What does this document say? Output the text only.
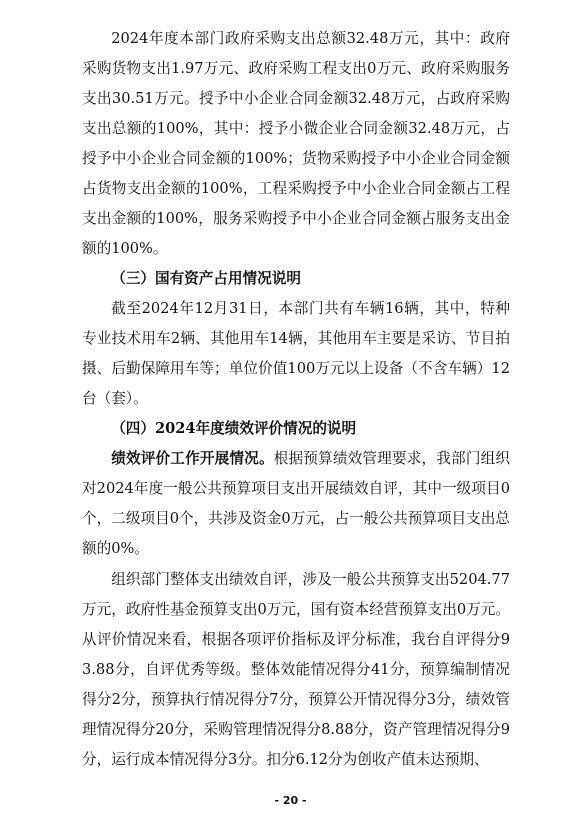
2024年度本部门政府采购支出总额32.48万元，其中：政府采购货物支出1.97万元、政府采购工程支出0万元、政府采购服务支出30.51万元。授予中小企业合同金额32.48万元，占政府采购支出总额的100%，其中：授予小微企业合同金额32.48万元，占授予中小企业合同金额的100%；货物采购授予中小企业合同金额占货物支出金额的100%，工程采购授予中小企业合同金额占工程支出金额的100%，服务采购授予中小企业合同金额占服务支出金额的100%。

（三）国有资产占用情况说明

截至2024年12月31日，本部门共有车辆16辆，其中，特种专业技术用车2辆、其他用车14辆，其他用车主要是采访、节目拍摄、后勤保障用车等；单位价值100万元以上设备（不含车辆）12台（套）。

（四）2024年度绩效评价情况的说明

绩效评价工作开展情况。根据预算绩效管理要求，我部门组织对2024年度一般公共预算项目支出开展绩效自评，其中一级项目0个，二级项目0个，共涉及资金0万元，占一般公共预算项目支出总额的0%。

组织部门整体支出绩效自评，涉及一般公共预算支出5204.77万元，政府性基金预算支出0万元，国有资本经营预算支出0万元。从评价情况来看，根据各项评价指标及评分标准，我台自评得分93.88分，自评优秀等级。整体效能情况得分41分，预算编制情况得分2分，预算执行情况得分7分，预算公开情况得分3分，绩效管理情况得分20分，采购管理情况得分8.88分，资产管理情况得分9分，运行成本情况得分3分。扣分6.12分为创收产值未达预期、

- 20 -
